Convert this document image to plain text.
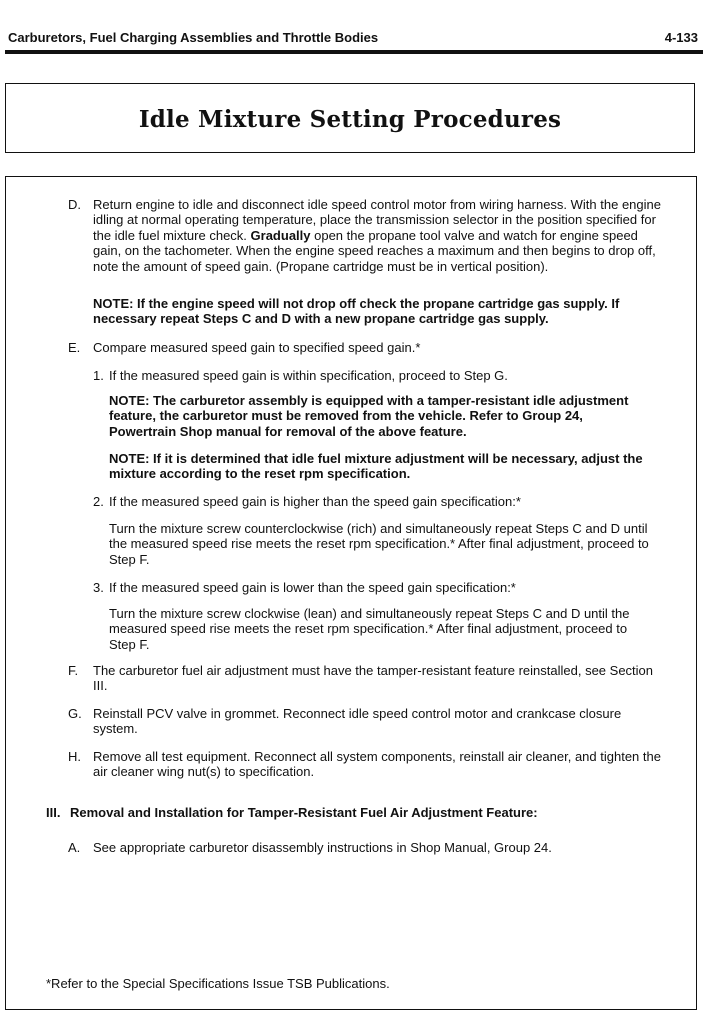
Carburetors, Fuel Charging Assemblies and Throttle Bodies	4-133
Idle Mixture Setting Procedures
D. Return engine to idle and disconnect idle speed control motor from wiring harness. With the engine idling at normal operating temperature, place the transmission selector in the position specified for the idle fuel mixture check. Gradually open the propane tool valve and watch for engine speed gain, on the tachometer. When the engine speed reaches a maximum and then begins to drop off, note the amount of speed gain. (Propane cartridge must be in vertical position).

NOTE: If the engine speed will not drop off check the propane cartridge gas supply. If necessary repeat Steps C and D with a new propane cartridge gas supply.

E. Compare measured speed gain to specified speed gain.*

1. If the measured speed gain is within specification, proceed to Step G.

NOTE: The carburetor assembly is equipped with a tamper-resistant idle adjustment feature, the carburetor must be removed from the vehicle. Refer to Group 24, Powertrain Shop manual for removal of the above feature.

NOTE: If it is determined that idle fuel mixture adjustment will be necessary, adjust the mixture according to the reset rpm specification.

2. If the measured speed gain is higher than the speed gain specification:*

Turn the mixture screw counterclockwise (rich) and simultaneously repeat Steps C and D until the measured speed rise meets the reset rpm specification.* After final adjustment, proceed to Step F.

3. If the measured speed gain is lower than the speed gain specification:*

Turn the mixture screw clockwise (lean) and simultaneously repeat Steps C and D until the measured speed rise meets the reset rpm specification.* After final adjustment, proceed to Step F.

F. The carburetor fuel air adjustment must have the tamper-resistant feature reinstalled, see Section III.

G. Reinstall PCV valve in grommet. Reconnect idle speed control motor and crankcase closure system.

H. Remove all test equipment. Reconnect all system components, reinstall air cleaner, and tighten the air cleaner wing nut(s) to specification.

III. Removal and Installation for Tamper-Resistant Fuel Air Adjustment Feature:

A. See appropriate carburetor disassembly instructions in Shop Manual, Group 24.

*Refer to the Special Specifications Issue TSB Publications.
